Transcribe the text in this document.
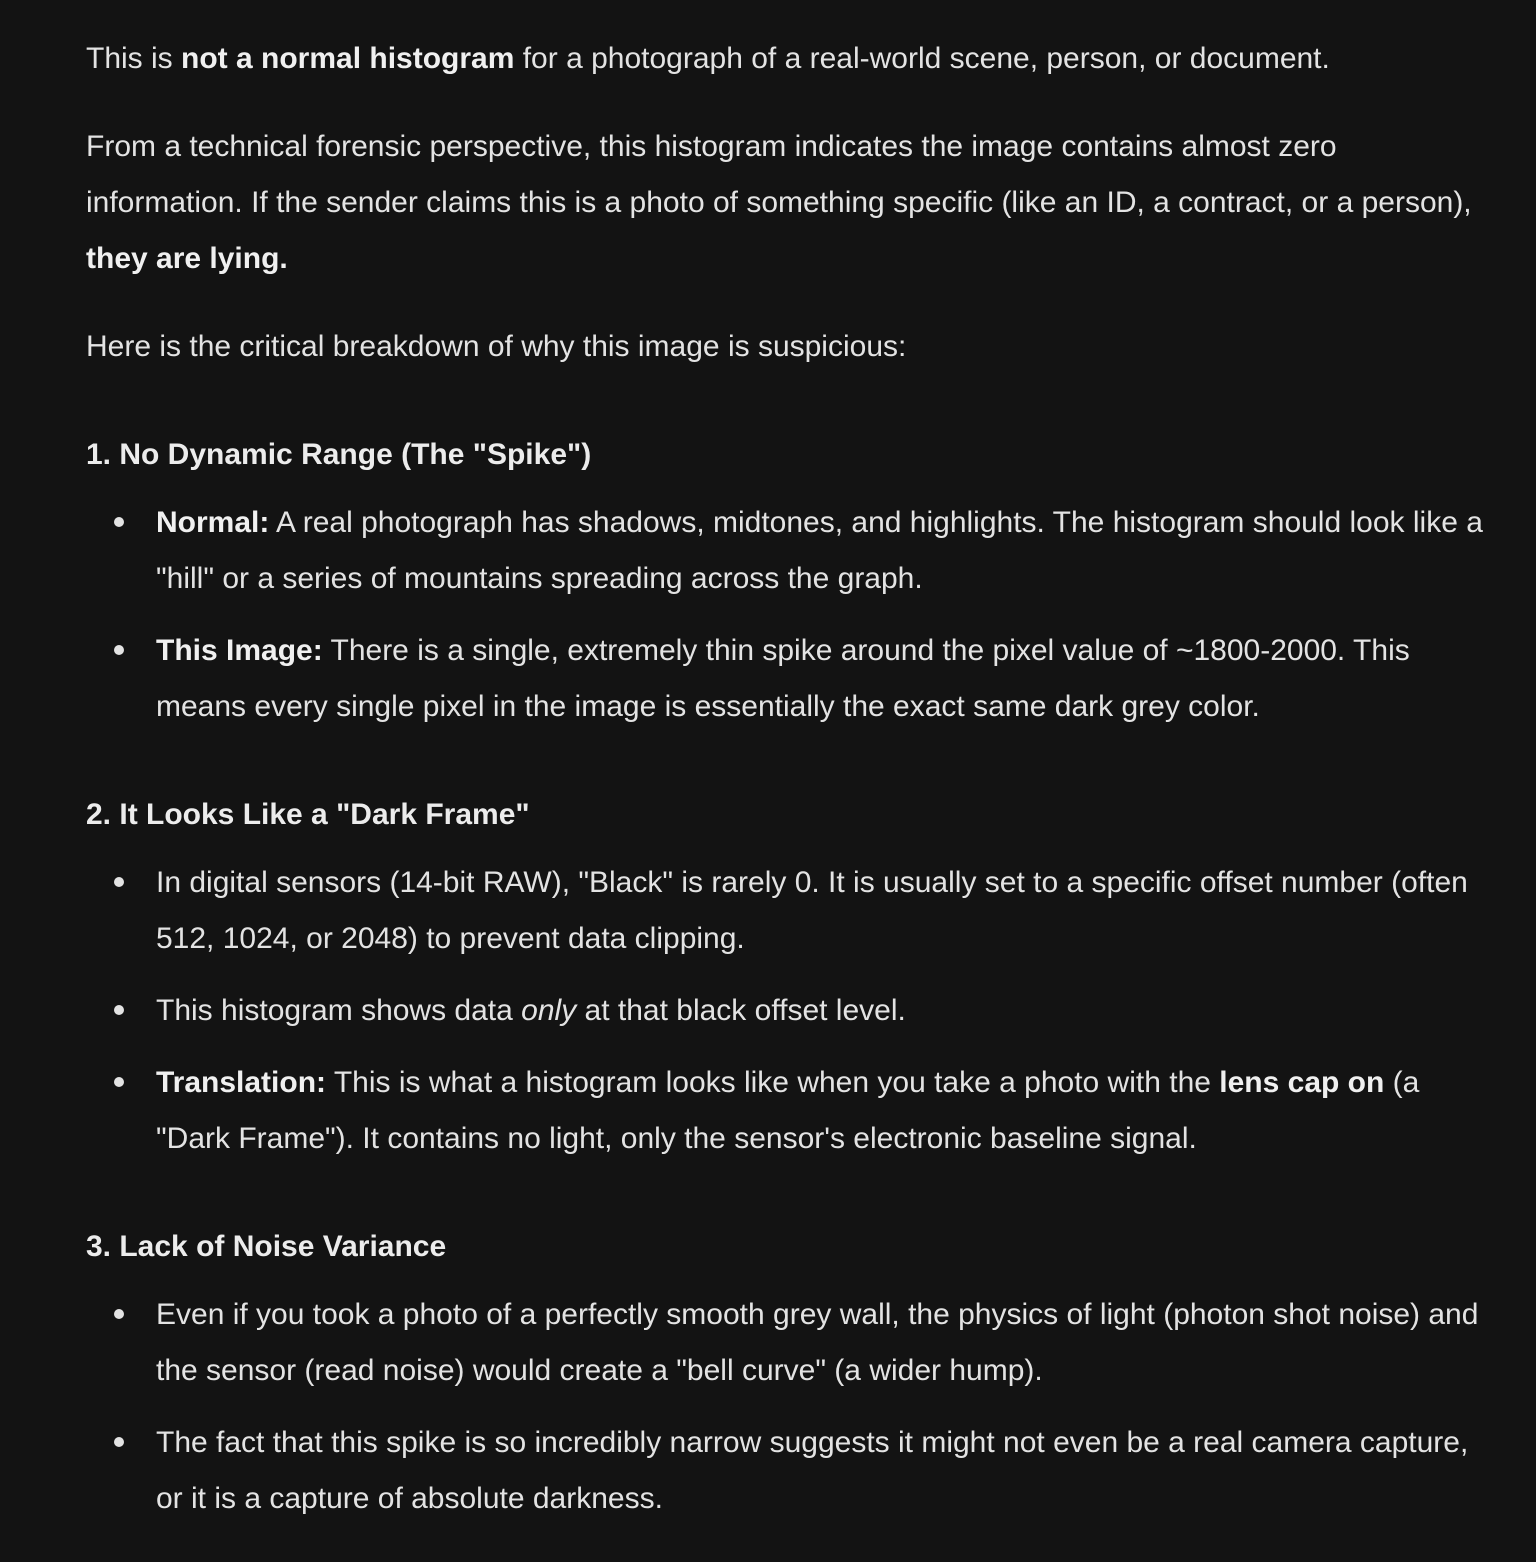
This is not a normal histogram for a photograph of a real-world scene, person, or document.

From a technical forensic perspective, this histogram indicates the image contains almost zero information. If the sender claims this is a photo of something specific (like an ID, a contract, or a person), they are lying.

Here is the critical breakdown of why this image is suspicious:

1. No Dynamic Range (The "Spike")
Normal: A real photograph has shadows, midtones, and highlights. The histogram should look like a "hill" or a series of mountains spreading across the graph.
This Image: There is a single, extremely thin spike around the pixel value of ~1800-2000. This means every single pixel in the image is essentially the exact same dark grey color.
2. It Looks Like a "Dark Frame"
In digital sensors (14-bit RAW), "Black" is rarely 0. It is usually set to a specific offset number (often 512, 1024, or 2048) to prevent data clipping.
This histogram shows data only at that black offset level.
Translation: This is what a histogram looks like when you take a photo with the lens cap on (a "Dark Frame"). It contains no light, only the sensor's electronic baseline signal.
3. Lack of Noise Variance
Even if you took a photo of a perfectly smooth grey wall, the physics of light (photon shot noise) and the sensor (read noise) would create a "bell curve" (a wider hump).
The fact that this spike is so incredibly narrow suggests it might not even be a real camera capture, or it is a capture of absolute darkness.
